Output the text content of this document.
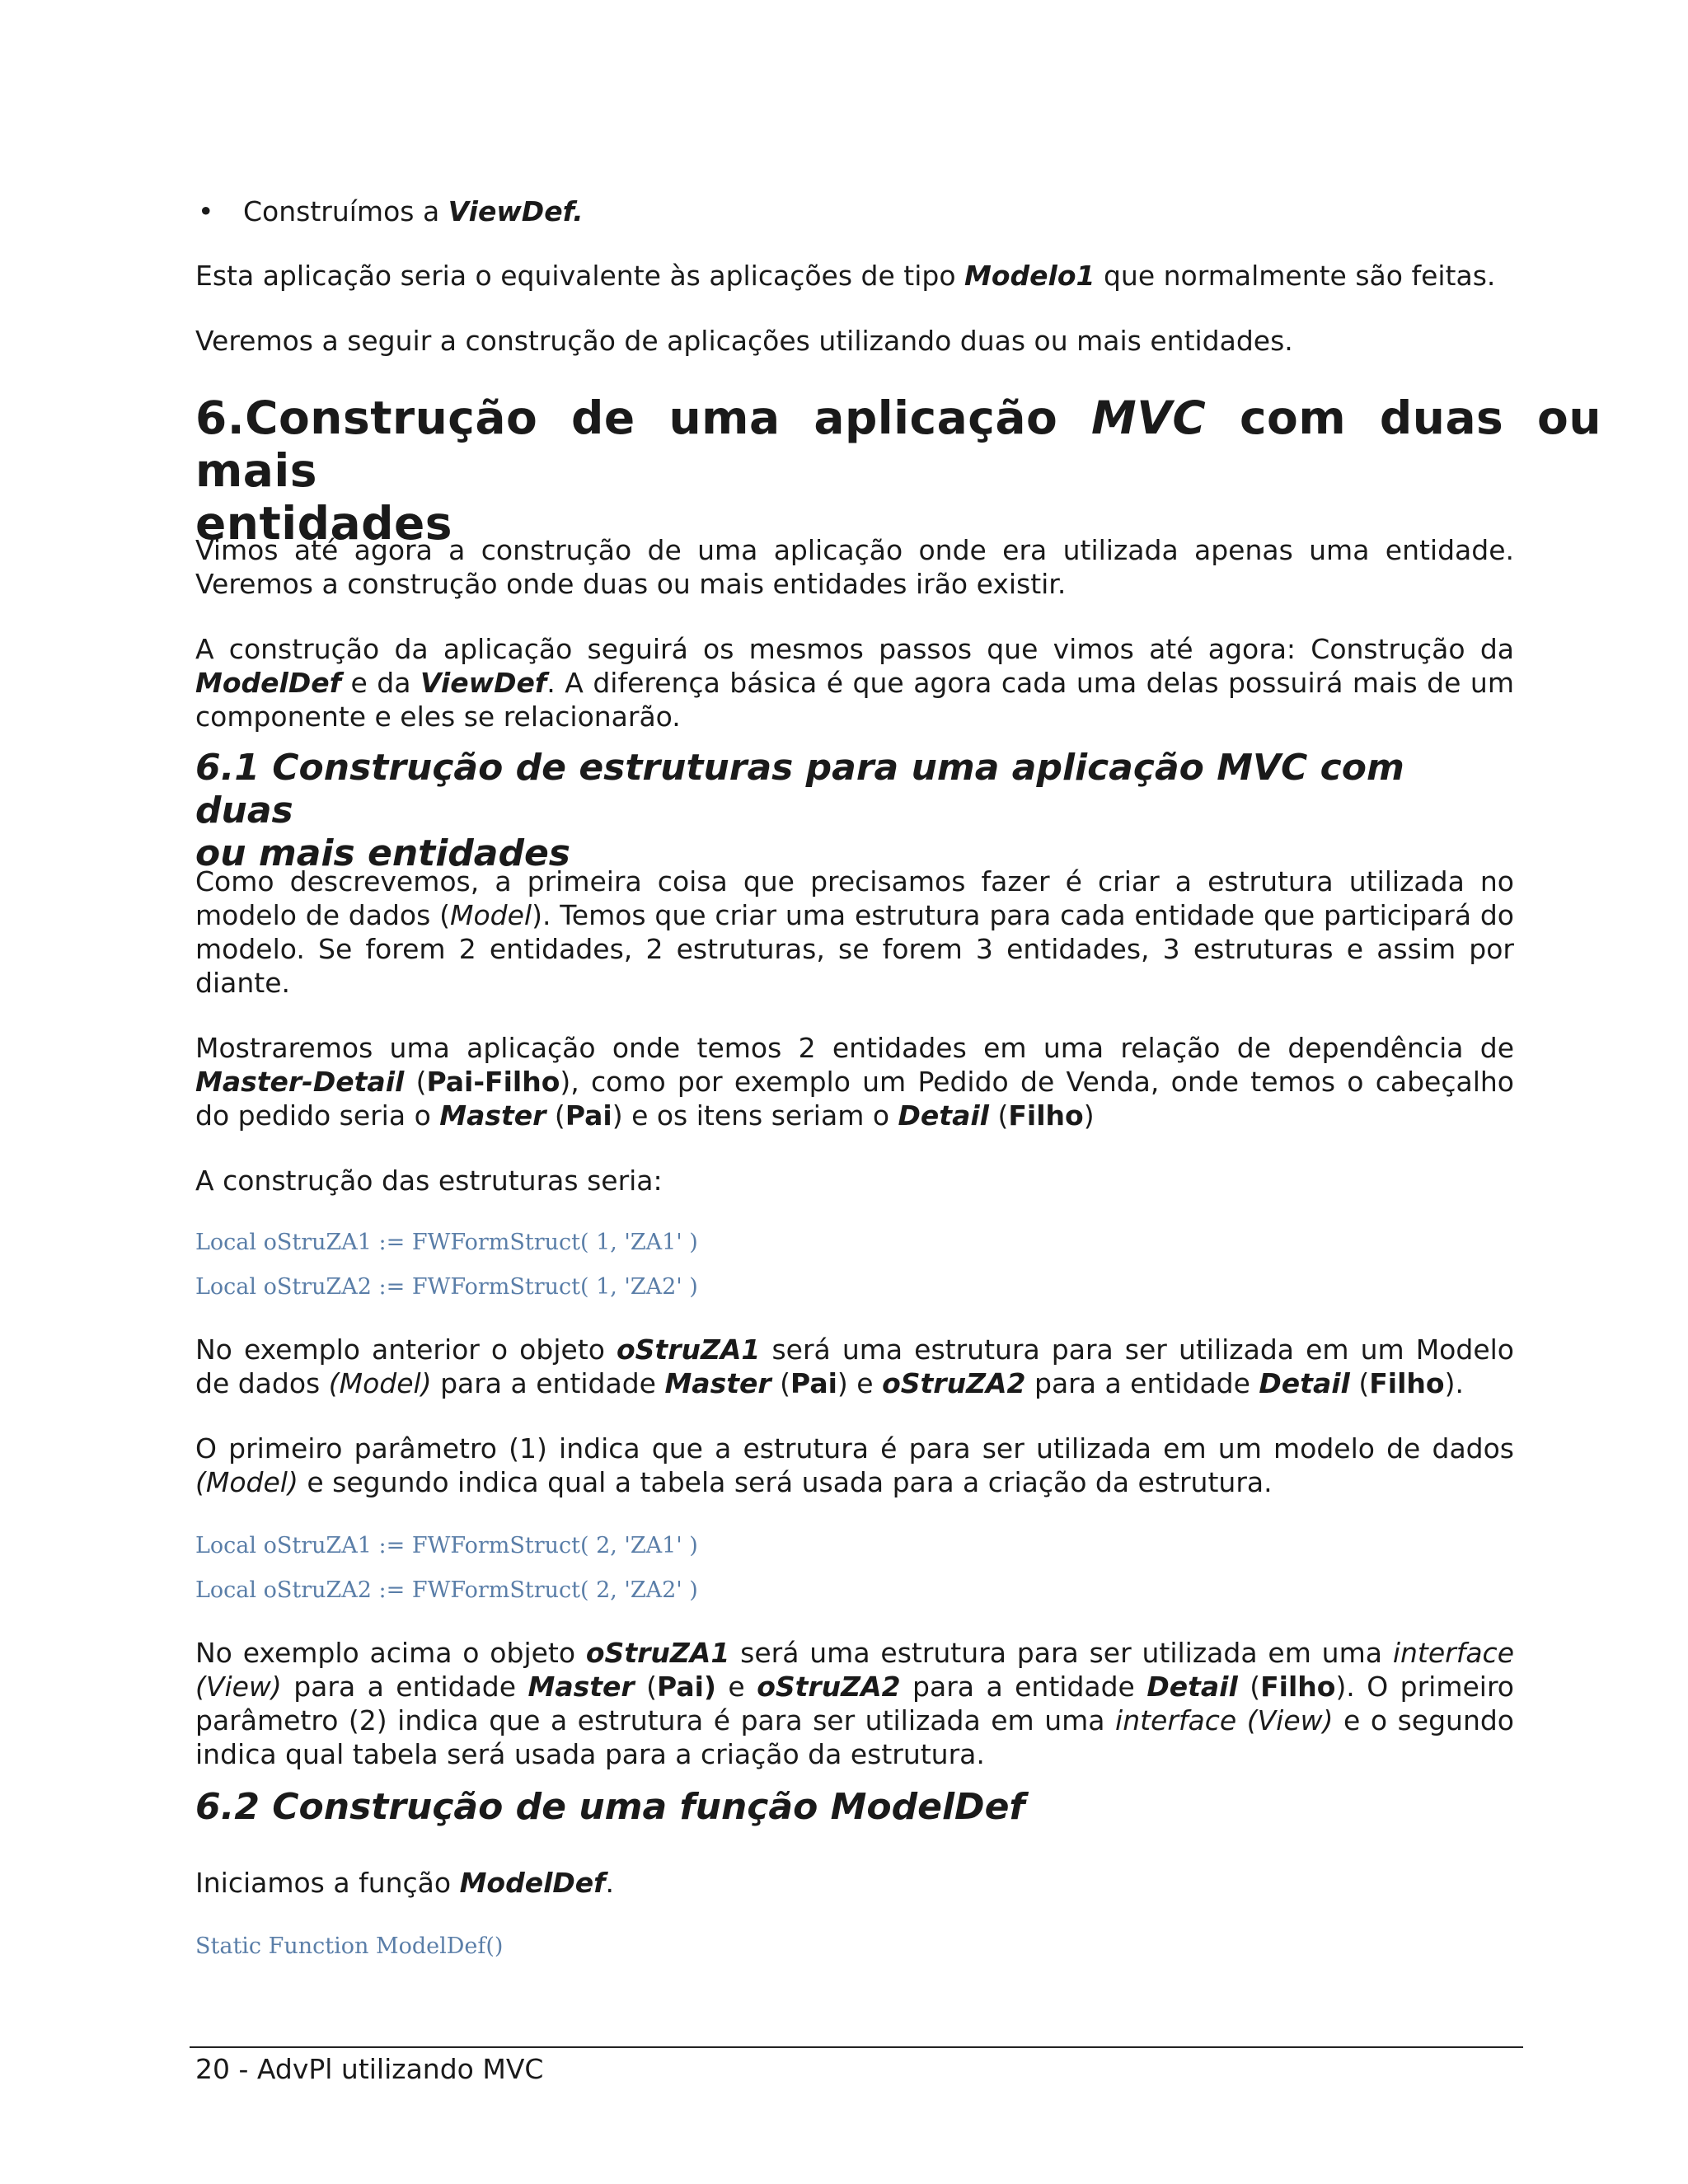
• Construímos a ViewDef.

Esta aplicação seria o equivalente às aplicações de tipo Modelo1 que normalmente são feitas.

Veremos a seguir a construção de aplicações utilizando duas ou mais entidades.

6.Construção de uma aplicação MVC com duas ou mais
entidades

Vimos até agora a construção de uma aplicação onde era utilizada apenas uma entidade. Veremos a construção onde duas ou mais entidades irão existir.

A construção da aplicação seguirá os mesmos passos que vimos até agora: Construção da ModelDef e da ViewDef. A diferença básica é que agora cada uma delas possuirá mais de um componente e eles se relacionarão.

6.1 Construção de estruturas para uma aplicação MVC com duas
ou mais entidades

Como descrevemos, a primeira coisa que precisamos fazer é criar a estrutura utilizada no modelo de dados (Model). Temos que criar uma estrutura para cada entidade que participará do modelo. Se forem 2 entidades, 2 estruturas, se forem 3 entidades, 3 estruturas e assim por diante.

Mostraremos uma aplicação onde temos 2 entidades em uma relação de dependência de Master-Detail (Pai-Filho), como por exemplo um Pedido de Venda, onde temos o cabeçalho do pedido seria o Master (Pai) e os itens seriam o Detail (Filho)

A construção das estruturas seria:

Local oStruZA1 := FWFormStruct( 1, 'ZA1' )
Local oStruZA2 := FWFormStruct( 1, 'ZA2' )

No exemplo anterior o objeto oStruZA1 será uma estrutura para ser utilizada em um Modelo de dados (Model) para a entidade Master (Pai) e oStruZA2 para a entidade Detail (Filho).

O primeiro parâmetro (1) indica que a estrutura é para ser utilizada em um modelo de dados (Model) e segundo indica qual a tabela será usada para a criação da estrutura.

Local oStruZA1 := FWFormStruct( 2, 'ZA1' )
Local oStruZA2 := FWFormStruct( 2, 'ZA2' )

No exemplo acima o objeto oStruZA1 será uma estrutura para ser utilizada em uma interface (View) para a entidade Master (Pai) e oStruZA2 para a entidade Detail (Filho). O primeiro parâmetro (2) indica que a estrutura é para ser utilizada em uma interface (View) e o segundo indica qual tabela será usada para a criação da estrutura.

6.2 Construção de uma função ModelDef

Iniciamos a função ModelDef.

Static Function ModelDef()
20 - AdvPl utilizando MVC
